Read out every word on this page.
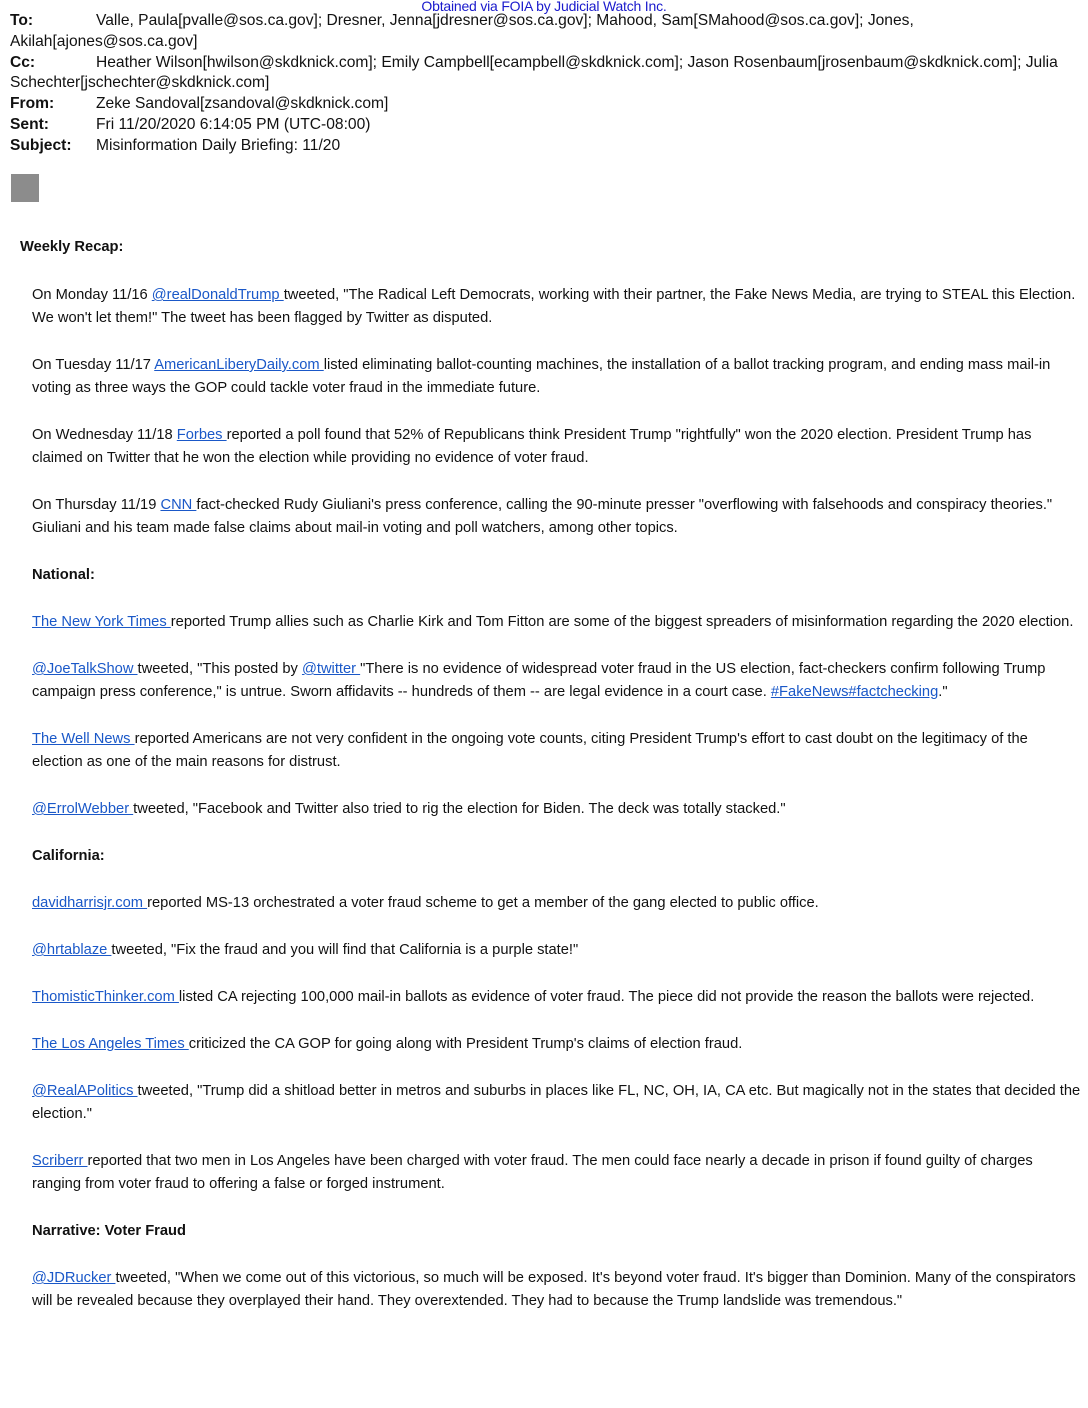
Obtained via FOIA by Judicial Watch Inc.
To:	Valle, Paula[pvalle@sos.ca.gov]; Dresner, Jenna[jdresner@sos.ca.gov]; Mahood, Sam[SMahood@sos.ca.gov]; Jones, Akilah[ajones@sos.ca.gov]
Cc:	Heather Wilson[hwilson@skdknick.com]; Emily Campbell[ecampbell@skdknick.com]; Jason Rosenbaum[jrosenbaum@skdknick.com]; Julia Schechter[jschechter@skdknick.com]
From:	Zeke Sandoval[zsandoval@skdknick.com]
Sent:	Fri 11/20/2020 6:14:05 PM (UTC-08:00)
Subject:	Misinformation Daily Briefing: 11/20
Weekly Recap:

On Monday 11/16 @realDonaldTrump tweeted, "The Radical Left Democrats, working with their partner, the Fake News Media, are trying to STEAL this Election. We won't let them!" The tweet has been flagged by Twitter as disputed.

On Tuesday 11/17 AmericanLiberyDaily.com listed eliminating ballot-counting machines, the installation of a ballot tracking program, and ending mass mail-in voting as three ways the GOP could tackle voter fraud in the immediate future.

On Wednesday 11/18 Forbes reported a poll found that 52% of Republicans think President Trump "rightfully" won the 2020 election. President Trump has claimed on Twitter that he won the election while providing no evidence of voter fraud.

On Thursday 11/19 CNN fact-checked Rudy Giuliani's press conference, calling the 90-minute presser "overflowing with falsehoods and conspiracy theories." Giuliani and his team made false claims about mail-in voting and poll watchers, among other topics.

National:

The New York Times reported Trump allies such as Charlie Kirk and Tom Fitton are some of the biggest spreaders of misinformation regarding the 2020 election.

@JoeTalkShow tweeted, "This posted by @twitter "There is no evidence of widespread voter fraud in the US election, fact-checkers confirm following Trump campaign press conference," is untrue. Sworn affidavits -- hundreds of them -- are legal evidence in a court case. #FakeNews#factchecking."

The Well News reported Americans are not very confident in the ongoing vote counts, citing President Trump's effort to cast doubt on the legitimacy of the election as one of the main reasons for distrust.

@ErrolWebber tweeted, "Facebook and Twitter also tried to rig the election for Biden. The deck was totally stacked."

California:

davidharrisjr.com reported MS-13 orchestrated a voter fraud scheme to get a member of the gang elected to public office.

@hrtablaze tweeted, "Fix the fraud and you will find that California is a purple state!"

ThomisticThinker.com listed CA rejecting 100,000 mail-in ballots as evidence of voter fraud. The piece did not provide the reason the ballots were rejected.

The Los Angeles Times criticized the CA GOP for going along with President Trump's claims of election fraud.

@RealAPolitics tweeted, "Trump did a shitload better in metros and suburbs in places like FL, NC, OH, IA, CA etc. But magically not in the states that decided the election."

Scriberr reported that two men in Los Angeles have been charged with voter fraud. The men could face nearly a decade in prison if found guilty of charges ranging from voter fraud to offering a false or forged instrument.

Narrative: Voter Fraud

@JDRucker tweeted, "When we come out of this victorious, so much will be exposed. It's beyond voter fraud. It's bigger than Dominion. Many of the conspirators will be revealed because they overplayed their hand. They overextended. They had to because the Trump landslide was tremendous."
